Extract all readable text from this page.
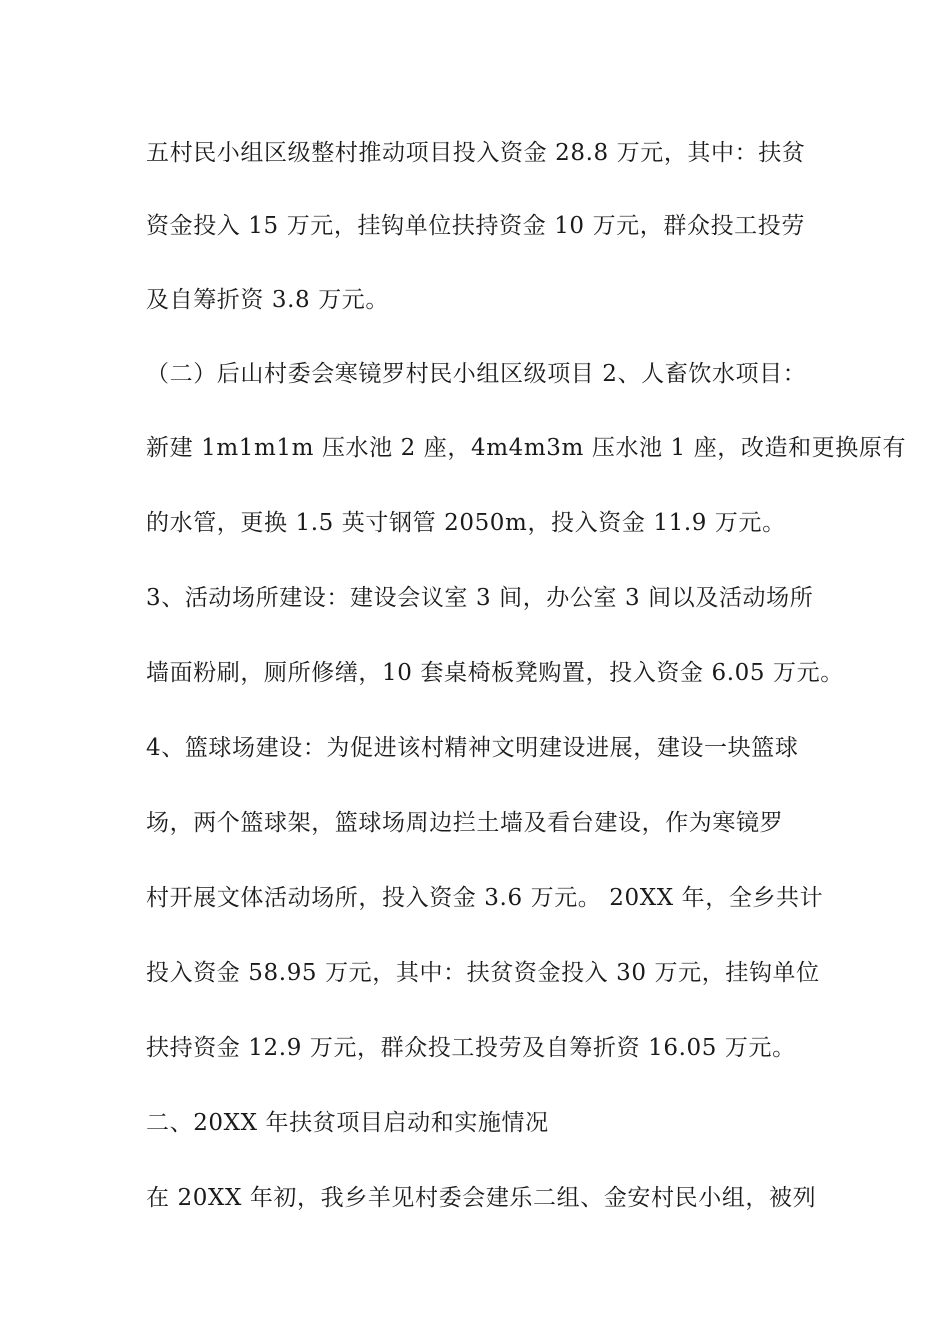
五村民小组区级整村推动项目投入资金 28.8 万元，其中：扶贫
资金投入 15 万元，挂钩单位扶持资金 10 万元，群众投工投劳
及自筹折资 3.8 万元。
（二）后山村委会寒镜罗村民小组区级项目 2、人畜饮水项目：
新建 1m1m1m 压水池 2 座，4m4m3m 压水池 1 座，改造和更换原有
的水管，更换 1.5 英寸钢管 2050m，投入资金 11.9 万元。
3、活动场所建设：建设会议室 3 间，办公室 3 间以及活动场所
墙面粉刷，厕所修缮，10 套桌椅板凳购置，投入资金 6.05 万元。
4、篮球场建设：为促进该村精神文明建设进展，建设一块篮球
场，两个篮球架，篮球场周边拦土墙及看台建设，作为寒镜罗
村开展文体活动场所，投入资金 3.6 万元。 20XX 年，全乡共计
投入资金 58.95 万元，其中：扶贫资金投入 30 万元，挂钩单位
扶持资金 12.9 万元，群众投工投劳及自筹折资 16.05 万元。
二、20XX 年扶贫项目启动和实施情况
在 20XX 年初，我乡羊见村委会建乐二组、金安村民小组，被列
